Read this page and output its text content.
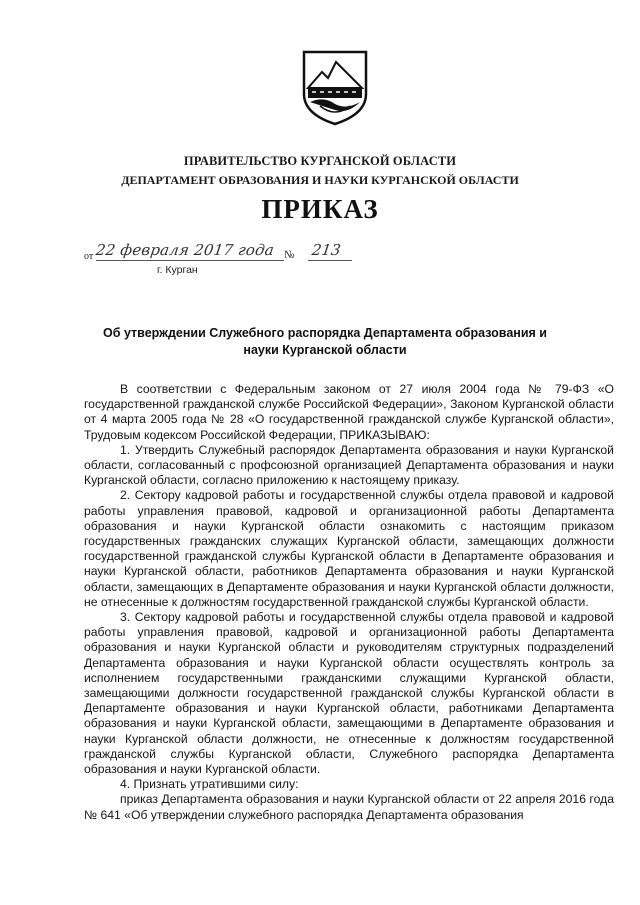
ПРАВИТЕЛЬСТВО КУРГАНСКОЙ ОБЛАСТИ
ДЕПАРТАМЕНТ ОБРАЗОВАНИЯ И НАУКИ КУРГАНСКОЙ ОБЛАСТИ
ПРИКАЗ
от 22 февраля 2017 года № 213
г. Курган
Об утверждении Служебного распорядка Департамента образования и науки Курганской области

В соответствии с Федеральным законом от 27 июля 2004 года № 79-ФЗ «О государственной гражданской службе Российской Федерации», Законом Курганской области от 4 марта 2005 года № 28 «О государственной гражданской службе Курганской области», Трудовым кодексом Российской Федерации, ПРИКАЗЫВАЮ:

1. Утвердить Служебный распорядок Департамента образования и науки Курганской области, согласованный с профсоюзной организацией Департамента образования и науки Курганской области, согласно приложению к настоящему приказу.

2. Сектору кадровой работы и государственной службы отдела правовой и кадровой работы управления правовой, кадровой и организационной работы Департамента образования и науки Курганской области ознакомить с настоящим приказом государственных гражданских служащих Курганской области, замещающих должности государственной гражданской службы Курганской области в Департаменте образования и науки Курганской области, работников Департамента образования и науки Курганской области, замещающих в Департаменте образования и науки Курганской области должности, не отнесенные к должностям государственной гражданской службы Курганской области.

3. Сектору кадровой работы и государственной службы отдела правовой и кадровой работы управления правовой, кадровой и организационной работы Департамента образования и науки Курганской области и руководителям структурных подразделений Департамента образования и науки Курганской области осуществлять контроль за исполнением государственными гражданскими служащими Курганской области, замещающими должности государственной гражданской службы Курганской области в Департаменте образования и науки Курганской области, работниками Департамента образования и науки Курганской области, замещающими в Департаменте образования и науки Курганской области должности, не отнесенные к должностям государственной гражданской службы Курганской области, Служебного распорядка Департамента образования и науки Курганской области.

4. Признать утратившими силу:

приказ Департамента образования и науки Курганской области от 22 апреля 2016 года № 641 «Об утверждении служебного распорядка Департамента образования
